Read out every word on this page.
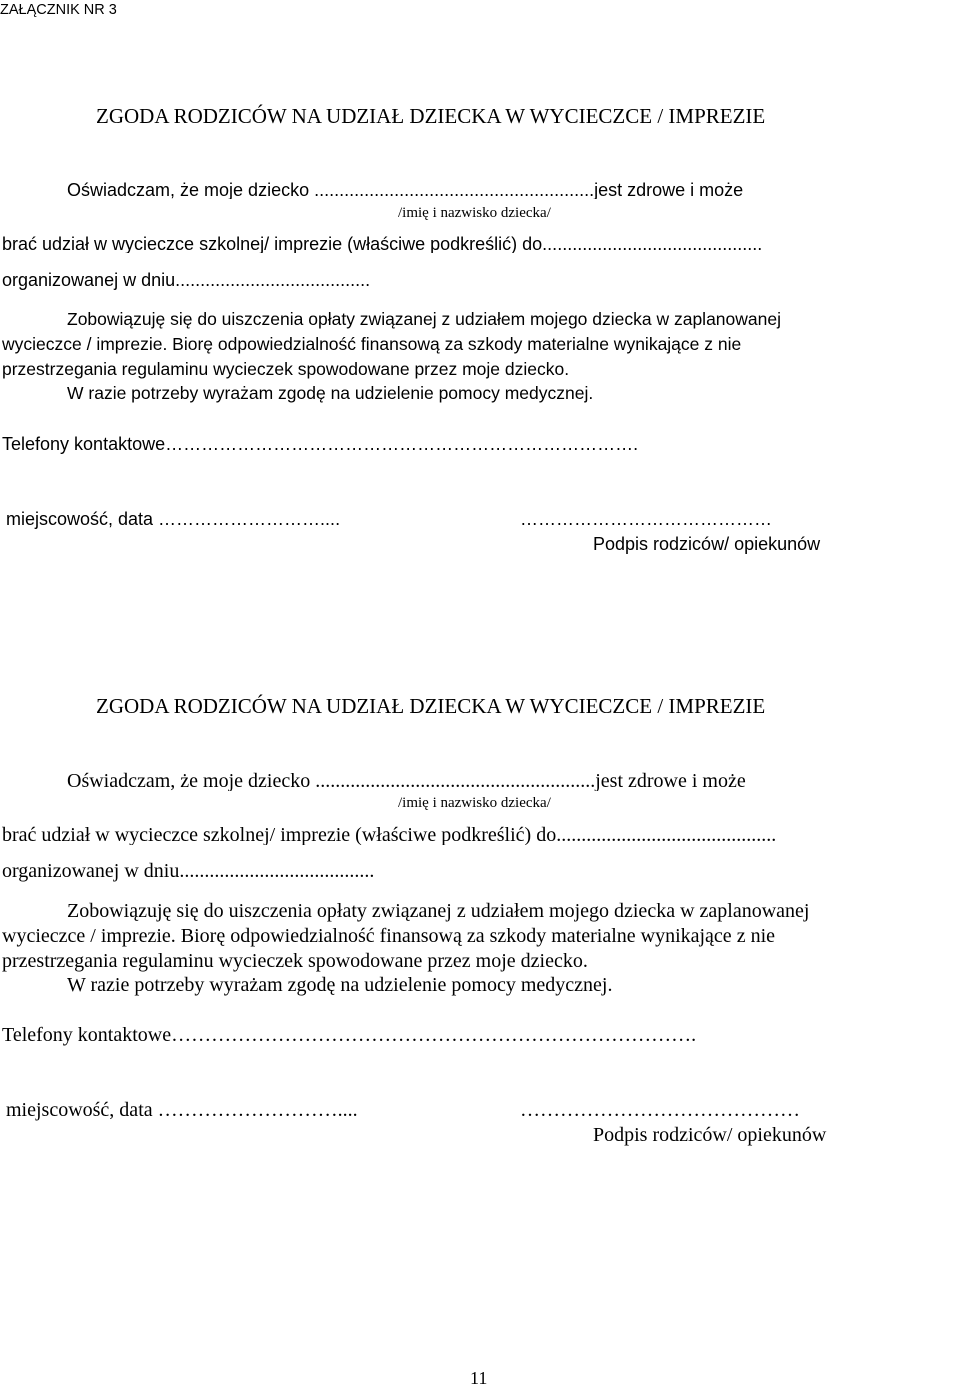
ZAŁĄCZNIK NR 3
ZGODA RODZICÓW NA UDZIAŁ DZIECKA W WYCIECZCE / IMPREZIE
Oświadczam, że moje dziecko ........................................................jest zdrowe i może
/imię i nazwisko dziecka/
brać udział w wycieczce szkolnej/ imprezie (właściwe podkreślić) do............................................
organizowanej w dniu.......................................
Zobowiązuję się do uiszczenia opłaty związanej z udziałem mojego dziecka w zaplanowanej
wycieczce / imprezie. Biorę odpowiedzialność finansową za szkody materialne wynikające z nie
przestrzegania regulaminu wycieczek spowodowane przez moje dziecko.
W razie potrzeby wyrażam zgodę na udzielenie pomocy medycznej.
Telefony kontaktowe…………………………………………………………………….
miejscowość, data ………………………....	……………………………………
Podpis rodziców/ opiekunów
ZGODA RODZICÓW NA UDZIAŁ DZIECKA W WYCIECZCE / IMPREZIE
Oświadczam, że moje dziecko ........................................................jest zdrowe i może
/imię i nazwisko dziecka/
brać udział w wycieczce szkolnej/ imprezie (właściwe podkreślić) do............................................
organizowanej w dniu.......................................
Zobowiązuję się do uiszczenia opłaty związanej z udziałem mojego dziecka w zaplanowanej
wycieczce / imprezie. Biorę odpowiedzialność finansową za szkody materialne wynikające z nie
przestrzegania regulaminu wycieczek spowodowane przez moje dziecko.
W razie potrzeby wyrażam zgodę na udzielenie pomocy medycznej.
Telefony kontaktowe…………………………………………………………………….
miejscowość, data ………………………....	……………………………………
Podpis rodziców/ opiekunów
11
